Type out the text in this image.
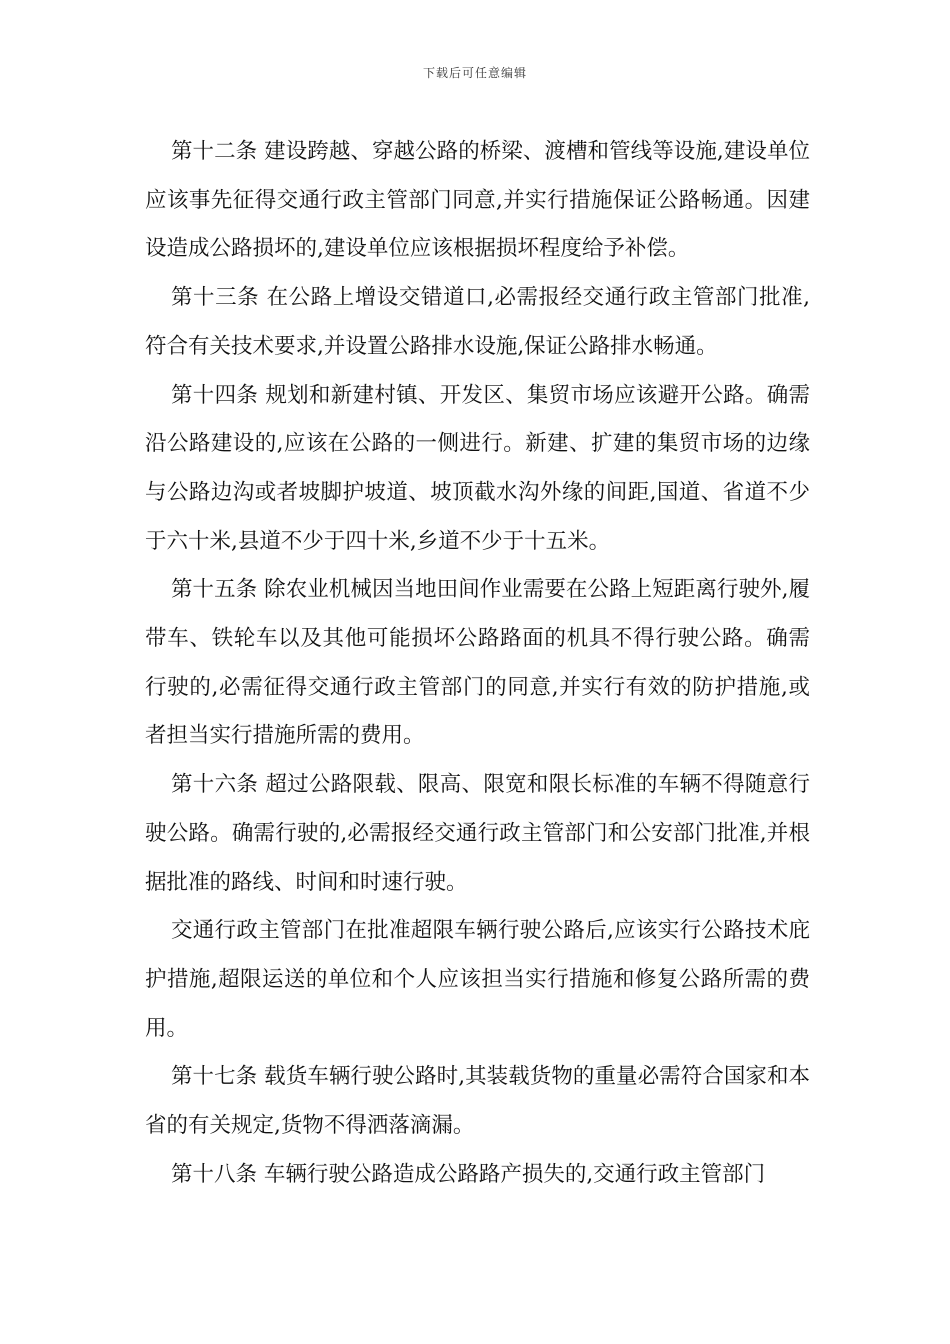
下载后可任意编辑

第十二条 建设跨越、穿越公路的桥梁、渡槽和管线等设施,建设单位应该事先征得交通行政主管部门同意,并实行措施保证公路畅通。因建设造成公路损坏的,建设单位应该根据损坏程度给予补偿。

第十三条 在公路上增设交错道口,必需报经交通行政主管部门批准,符合有关技术要求,并设置公路排水设施,保证公路排水畅通。

第十四条 规划和新建村镇、开发区、集贸市场应该避开公路。确需沿公路建设的,应该在公路的一侧进行。新建、扩建的集贸市场的边缘与公路边沟或者坡脚护坡道、坡顶截水沟外缘的间距,国道、省道不少于六十米,县道不少于四十米,乡道不少于十五米。

第十五条 除农业机械因当地田间作业需要在公路上短距离行驶外,履带车、铁轮车以及其他可能损坏公路路面的机具不得行驶公路。确需行驶的,必需征得交通行政主管部门的同意,并实行有效的防护措施,或者担当实行措施所需的费用。

第十六条 超过公路限载、限高、限宽和限长标准的车辆不得随意行驶公路。确需行驶的,必需报经交通行政主管部门和公安部门批准,并根据批准的路线、时间和时速行驶。

交通行政主管部门在批准超限车辆行驶公路后,应该实行公路技术庇护措施,超限运送的单位和个人应该担当实行措施和修复公路所需的费用。

第十七条 载货车辆行驶公路时,其装载货物的重量必需符合国家和本省的有关规定,货物不得洒落滴漏。

第十八条 车辆行驶公路造成公路路产损失的,交通行政主管部门
